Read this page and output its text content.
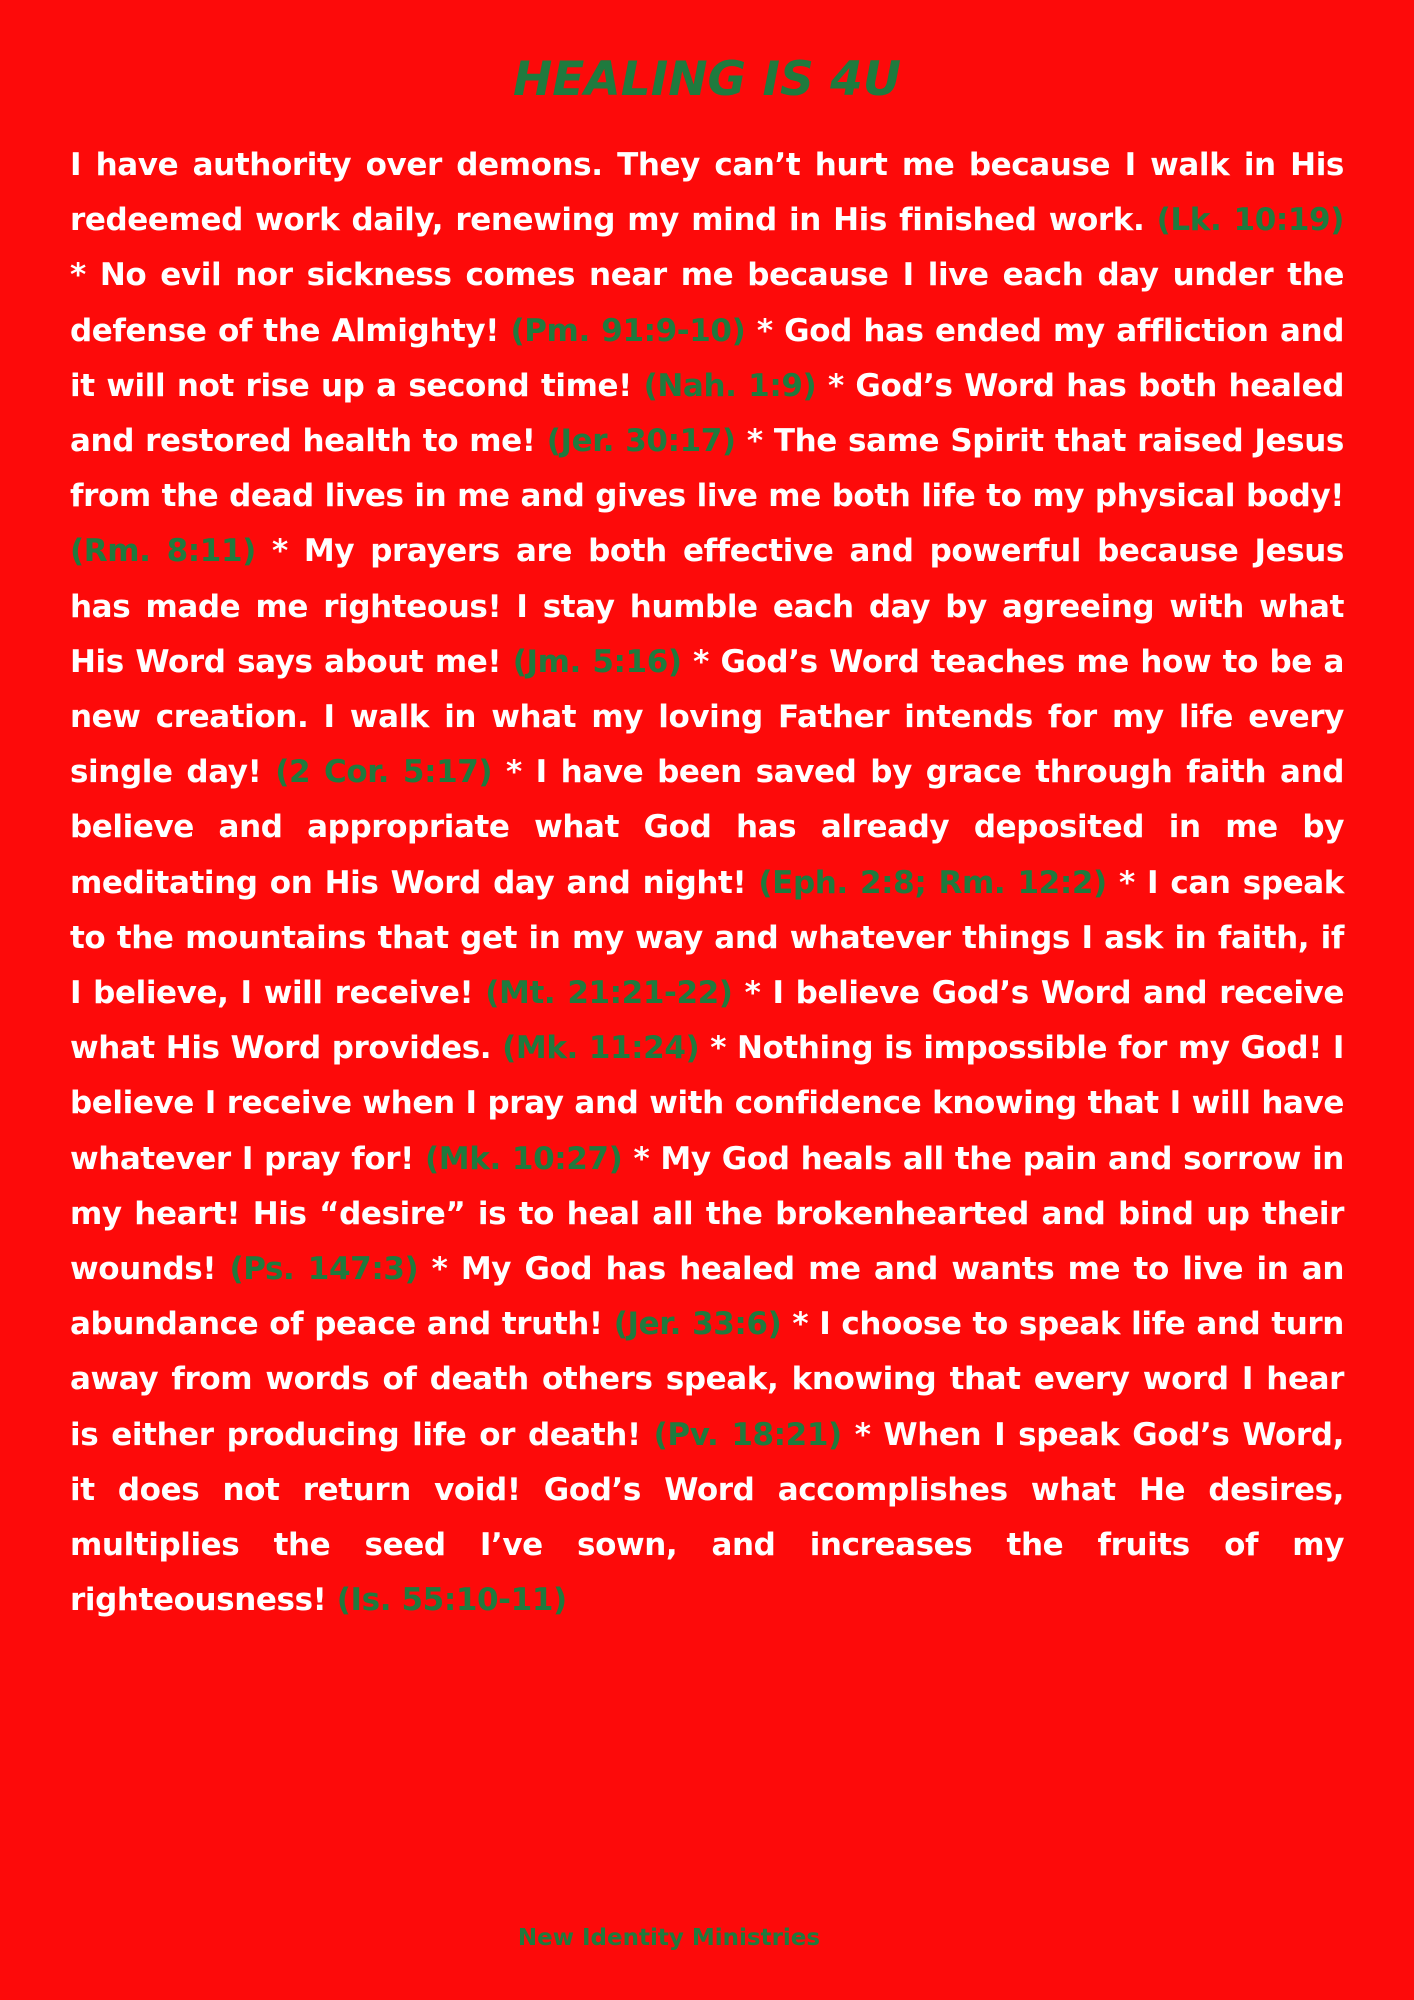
HEALING IS 4U

I have authority over demons. They can’t hurt me because I walk in His redeemed work daily, renewing my mind in His finished work. (Lk. 10:19) * No evil nor sickness comes near me because I live each day under the defense of the Almighty! (Pm. 91:9-10) * God has ended my affliction and it will not rise up a second time! (Nah. 1:9) * God’s Word has both healed and restored health to me! (Jer. 30:17) * The same Spirit that raised Jesus from the dead lives in me and gives live me both life to my physical body! (Rm. 8:11) * My prayers are both effective and powerful because Jesus has made me righteous! I stay humble each day by agreeing with what His Word says about me! (Jm. 5:16) * God’s Word teaches me how to be a new creation. I walk in what my loving Father intends for my life every single day! (2 Cor. 5:17) * I have been saved by grace through faith and believe and appropriate what God has already deposited in me by meditating on His Word day and night! (Eph. 2:8; Rm. 12:2) * I can speak to the mountains that get in my way and whatever things I ask in faith, if I believe, I will receive! (Mt. 21:21-22) * I believe God’s Word and receive what His Word provides. (Mk. 11:24) * Nothing is impossible for my God! I believe I receive when I pray and with confidence knowing that I will have whatever I pray for! (Mk. 10:27) * My God heals all the pain and sorrow in my heart! His “desire” is to heal all the brokenhearted and bind up their wounds! (Ps. 147:3) * My God has healed me and wants me to live in an abundance of peace and truth! (Jer. 33:6) * I choose to speak life and turn away from words of death others speak, knowing that every word I hear is either producing life or death! (Pv. 18:21) * When I speak God’s Word, it does not return void! God’s Word accomplishes what He desires, multiplies the seed I’ve sown, and increases the fruits of my righteousness! (Is. 55:10-11)

New Identity Ministries
